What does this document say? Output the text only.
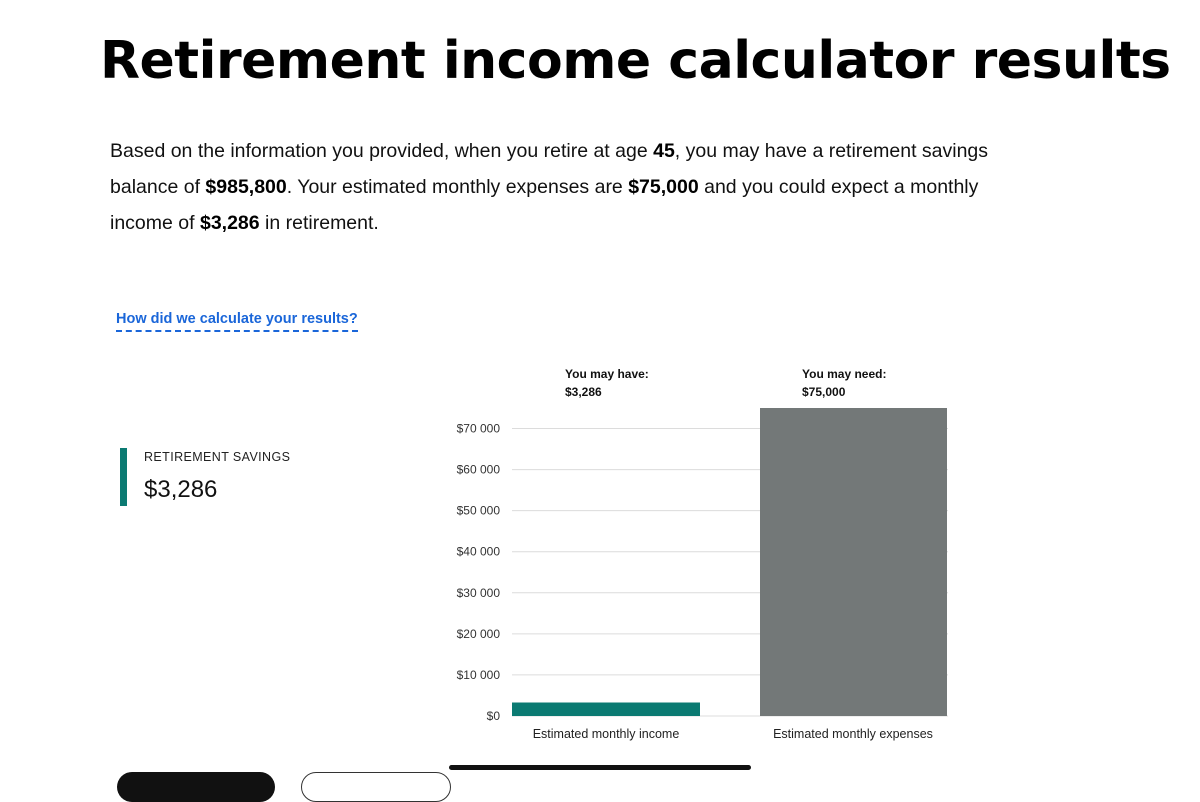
Retirement income calculator results

Based on the information you provided, when you retire at age 45, you may have a retirement savings balance of $985,800. Your estimated monthly expenses are $75,000 and you could expect a monthly income of $3,286 in retirement.

How did we calculate your results?
RETIREMENT SAVINGS
$3,286
$0
$10 000
$20 000
$30 000
$40 000
$50 000
$60 000
$70 000
Estimated monthly income
You may have:
$3,286
Estimated monthly expenses
You may need:
$75,000
